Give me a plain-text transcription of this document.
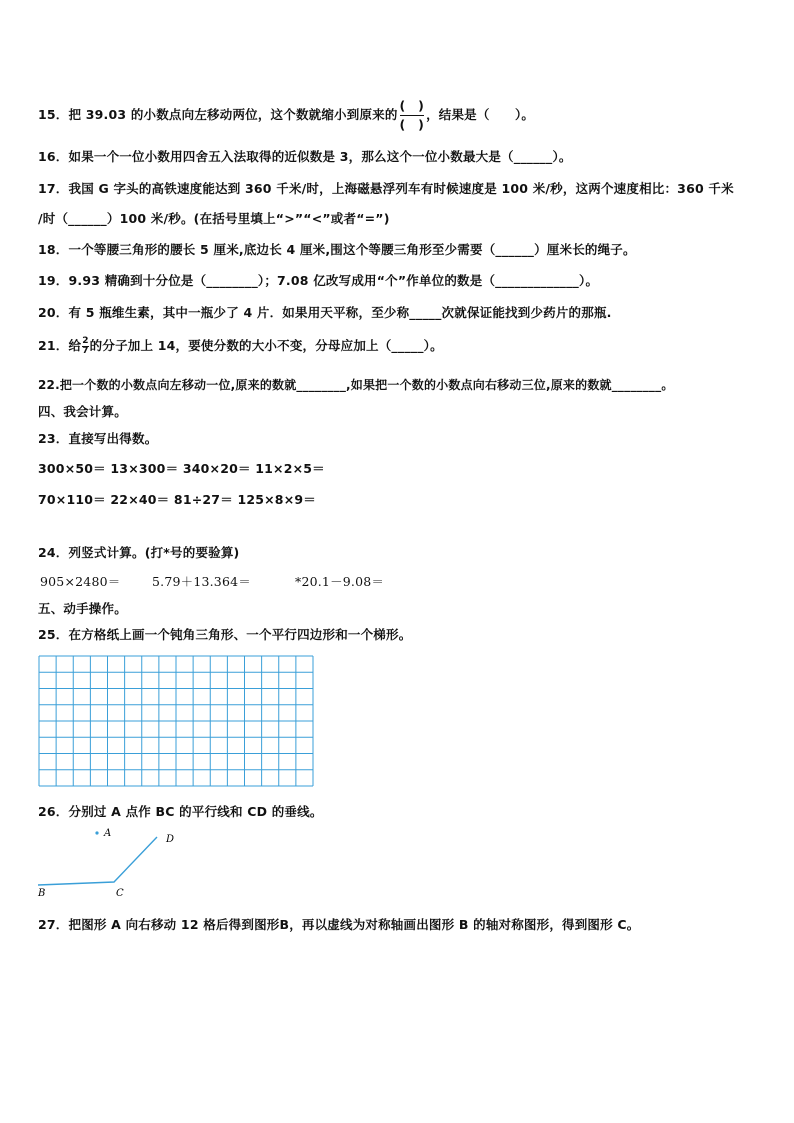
15．把 39.03 的小数点向左移动两位，这个数就缩小到原来的 $\frac{( )}{( )}$ ，结果是（　　）。
16．如果一个一位小数用四舍五入法取得的近似数是 3，那么这个一位小数最大是（______）。
17．我国 G 字头的高铁速度能达到 360 千米/时，上海磁悬浮列车有时候速度是 100 米/秒，这两个速度相比：360 千米
/时（______）100 米/秒。(在括号里填上“>”“<”或者“=”)
18．一个等腰三角形的腰长 5 厘米,底边长 4 厘米,围这个等腰三角形至少需要（______）厘米长的绳子。
19．9.93 精确到十分位是（________）；7.08 亿改写成用“个”作单位的数是（_____________）。
20．有 5 瓶维生素，其中一瓶少了 4 片．如果用天平称，至少称_____次就保证能找到少药片的那瓶.
21．给$\frac{2}{7}$的分子加上 14，要使分数的大小不变，分母应加上（_____）。
22.把一个数的小数点向左移动一位,原来的数就________,如果把一个数的小数点向右移动三位,原来的数就________。
四、我会计算。
23．直接写出得数。
300×50＝ 13×300＝ 340×20＝ 11×2×5＝
70×110＝ 22×40＝ 81÷27＝ 125×8×9＝
24．列竖式计算。(打*号的要验算)
905×2480＝	5.79＋13.364＝	*20.1－9.08＝
五、动手操作。
25．在方格纸上画一个钝角三角形、一个平行四边形和一个梯形。
26．分别过 A 点作 BC 的平行线和 CD 的垂线。
A
B	C
D
27．把图形 A 向右移动 12 格后得到图形B，再以虚线为对称轴画出图形 B 的轴对称图形，得到图形 C。
